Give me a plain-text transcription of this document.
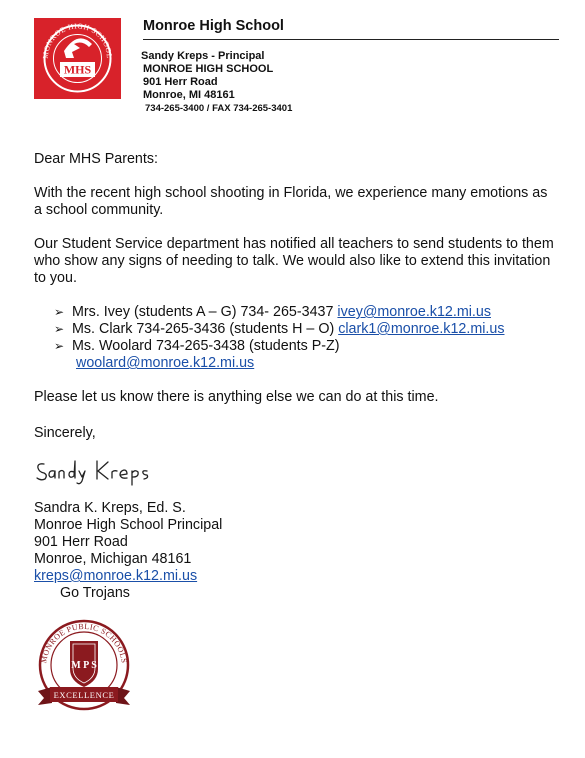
MONROE HIGH SCHOOL
MHS
Monroe High School
Sandy Kreps - Principal
MONROE HIGH SCHOOL
901 Herr Road
Monroe, MI 48161
734-265-3400 / FAX 734-265-3401
Dear MHS Parents:
With the recent high school shooting in Florida, we experience many emotions as a school community.
Our Student Service department has notified all teachers to send students to them who show any signs of needing to talk. We would also like to extend this invitation to you.
➢ Mrs. Ivey (students A – G) 734- 265-3437 ivey@monroe.k12.mi.us
➢ Ms. Clark 734-265-3436 (students H – O) clark1@monroe.k12.mi.us
➢ Ms. Woolard 734-265-3438 (students P-Z)
woolard@monroe.k12.mi.us
Please let us know there is anything else we can do at this time.
Sincerely,
Sandy Kreps
Sandra K. Kreps, Ed. S.
Monroe High School Principal
901 Herr Road
Monroe, Michigan 48161
kreps@monroe.k12.mi.us
Go Trojans
MONROE PUBLIC SCHOOLS
M P S
EXCELLENCE
